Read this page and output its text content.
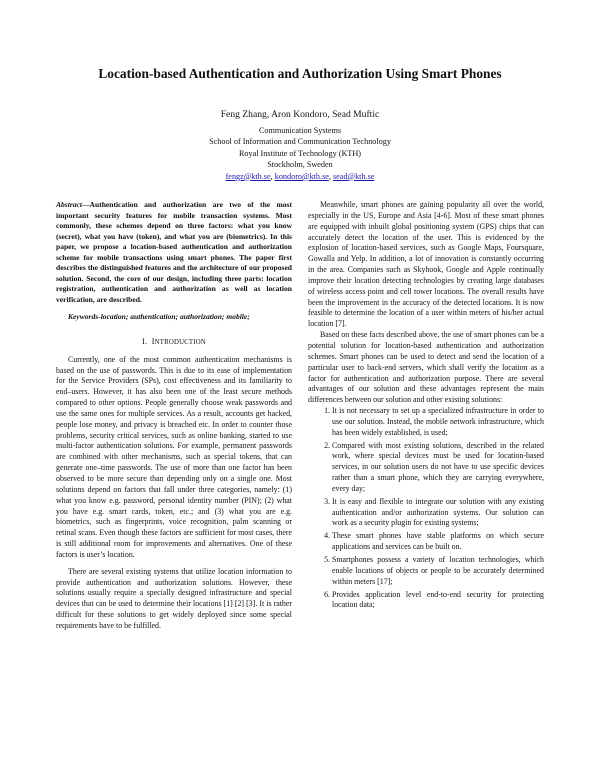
Location-based Authentication and Authorization Using Smart Phones
Feng Zhang, Aron Kondoro, Sead Muftic
Communication Systems
School of Information and Communication Technology
Royal Institute of Technology (KTH)
Stockholm, Sweden
fengz@kth.se, kondoro@kth.se, sead@kth.se

Abstract—Authentication and authorization are two of the most important security features for mobile transaction systems. Most commonly, these schemes depend on three factors: what you know (secret), what you have (token), and what you are (biometrics). In this paper, we propose a location-based authentication and authorization scheme for mobile transactions using smart phones. The paper first describes the distinguished features and the architecture of our proposed solution. Second, the core of our design, including three parts: location registration, authentication and authorization as well as location verification, are described.

Keywords-location; authentication; authorization; mobile;

I. INTRODUCTION

Currently, one of the most common authentication mechanisms is based on the use of passwords. This is due to its ease of implementation for the Service Providers (SPs), cost effectiveness and its familiarity to end–users. However, it has also been one of the least secure methods compared to other options. People generally choose weak passwords and use the same ones for multiple services. As a result, accounts get hacked, people lose money, and privacy is breached etc. In order to counter those problems, security critical services, such as online banking, started to use multi-factor authentication solutions. For example, permanent passwords are combined with other mechanisms, such as special tokens, that can generate one–time passwords. The use of more than one factor has been observed to be more secure than depending only on a single one. Most solutions depend on factors that fall under three categories, namely: (1) what you know e.g. password, personal identity number (PIN); (2) what you have e.g. smart cards, token, etc.; and (3) what you are e.g. biometrics, such as fingerprints, voice recognition, palm scanning or retinal scans. Even though these factors are sufficient for most cases, there is still additional room for improvements and alternatives. One of these factors is user’s location.

There are several existing systems that utilize location information to provide authentication and authorization solutions. However, these solutions usually require a specially designed infrastructure and special devices that can be used to determine their locations [1] [2] [3]. It is rather difficult for these solutions to get widely deployed since some special requirements have to be fulfilled.

Meanwhile, smart phones are gaining popularity all over the world, especially in the US, Europe and Asia [4-6]. Most of these smart phones are equipped with inbuilt global positioning system (GPS) chips that can accurately detect the location of the user. This is evidenced by the explosion of location-based services, such as Google Maps, Foursquare, Gowalla and Yelp. In addition, a lot of innovation is constantly occurring in the area. Companies such as Skyhook, Google and Apple continually improve their location detecting technologies by creating large databases of wireless access point and cell tower locations. The overall results have been the improvement in the accuracy of the detected locations. It is now feasible to determine the location of a user within meters of his/her actual location [7].

Based on these facts described above, the use of smart phones can be a potential solution for location-based authentication and authorization schemes. Smart phones can be used to detect and send the location of a particular user to back-end servers, which shall verify the location as a factor for authentication and authorization purpose. There are several advantages of our solution and these advantages represent the main differences between our solution and other existing solutions:

1. It is not necessary to set up a specialized infrastructure in order to use our solution. Instead, the mobile network infrastructure, which has been widely established, is used;
2. Compared with most existing solutions, described in the related work, where special devices must be used for location-based services, in our solution users do not have to use specific devices rather than a smart phone, which they are carrying everywhere, every day;
3. It is easy and flexible to integrate our solution with any existing authentication and/or authorization systems. Our solution can work as a security plugin for existing systems;
4. These smart phones have stable platforms on which secure applications and services can be built on.
5. Smartphones possess a variety of location technologies, which enable locations of objects or people to be accurately determined within meters [17];
6. Provides application level end-to-end security for protecting location data;
